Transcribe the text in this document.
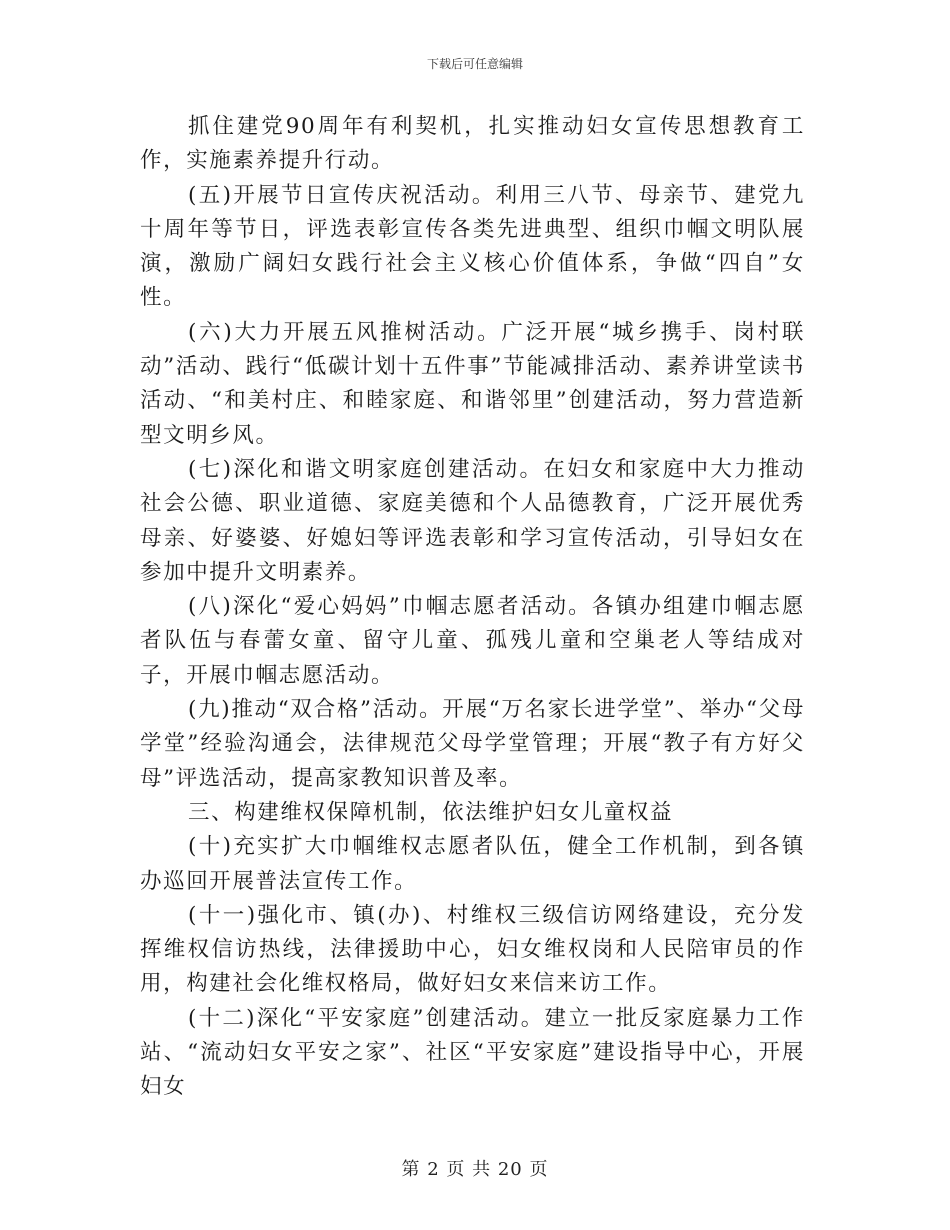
下载后可任意编辑

抓住建党90周年有利契机，扎实推动妇女宣传思想教育工作，实施素养提升行动。

(五)开展节日宣传庆祝活动。利用三八节、母亲节、建党九十周年等节日，评选表彰宣传各类先进典型、组织巾帼文明队展演，激励广阔妇女践行社会主义核心价值体系，争做“四自”女性。

(六)大力开展五风推树活动。广泛开展“城乡携手、岗村联动”活动、践行“低碳计划十五件事”节能减排活动、素养讲堂读书活动、“和美村庄、和睦家庭、和谐邻里”创建活动，努力营造新型文明乡风。

(七)深化和谐文明家庭创建活动。在妇女和家庭中大力推动社会公德、职业道德、家庭美德和个人品德教育，广泛开展优秀母亲、好婆婆、好媳妇等评选表彰和学习宣传活动，引导妇女在参加中提升文明素养。

(八)深化“爱心妈妈”巾帼志愿者活动。各镇办组建巾帼志愿者队伍与春蕾女童、留守儿童、孤残儿童和空巢老人等结成对子，开展巾帼志愿活动。

(九)推动“双合格”活动。开展“万名家长进学堂”、举办“父母学堂”经验沟通会，法律规范父母学堂管理；开展“教子有方好父母”评选活动，提高家教知识普及率。

三、构建维权保障机制，依法维护妇女儿童权益

(十)充实扩大巾帼维权志愿者队伍，健全工作机制，到各镇办巡回开展普法宣传工作。

(十一)强化市、镇(办)、村维权三级信访网络建设，充分发挥维权信访热线，法律援助中心，妇女维权岗和人民陪审员的作用，构建社会化维权格局，做好妇女来信来访工作。

(十二)深化“平安家庭”创建活动。建立一批反家庭暴力工作站、“流动妇女平安之家”、社区“平安家庭”建设指导中心，开展妇女

第 2 页 共 20 页
